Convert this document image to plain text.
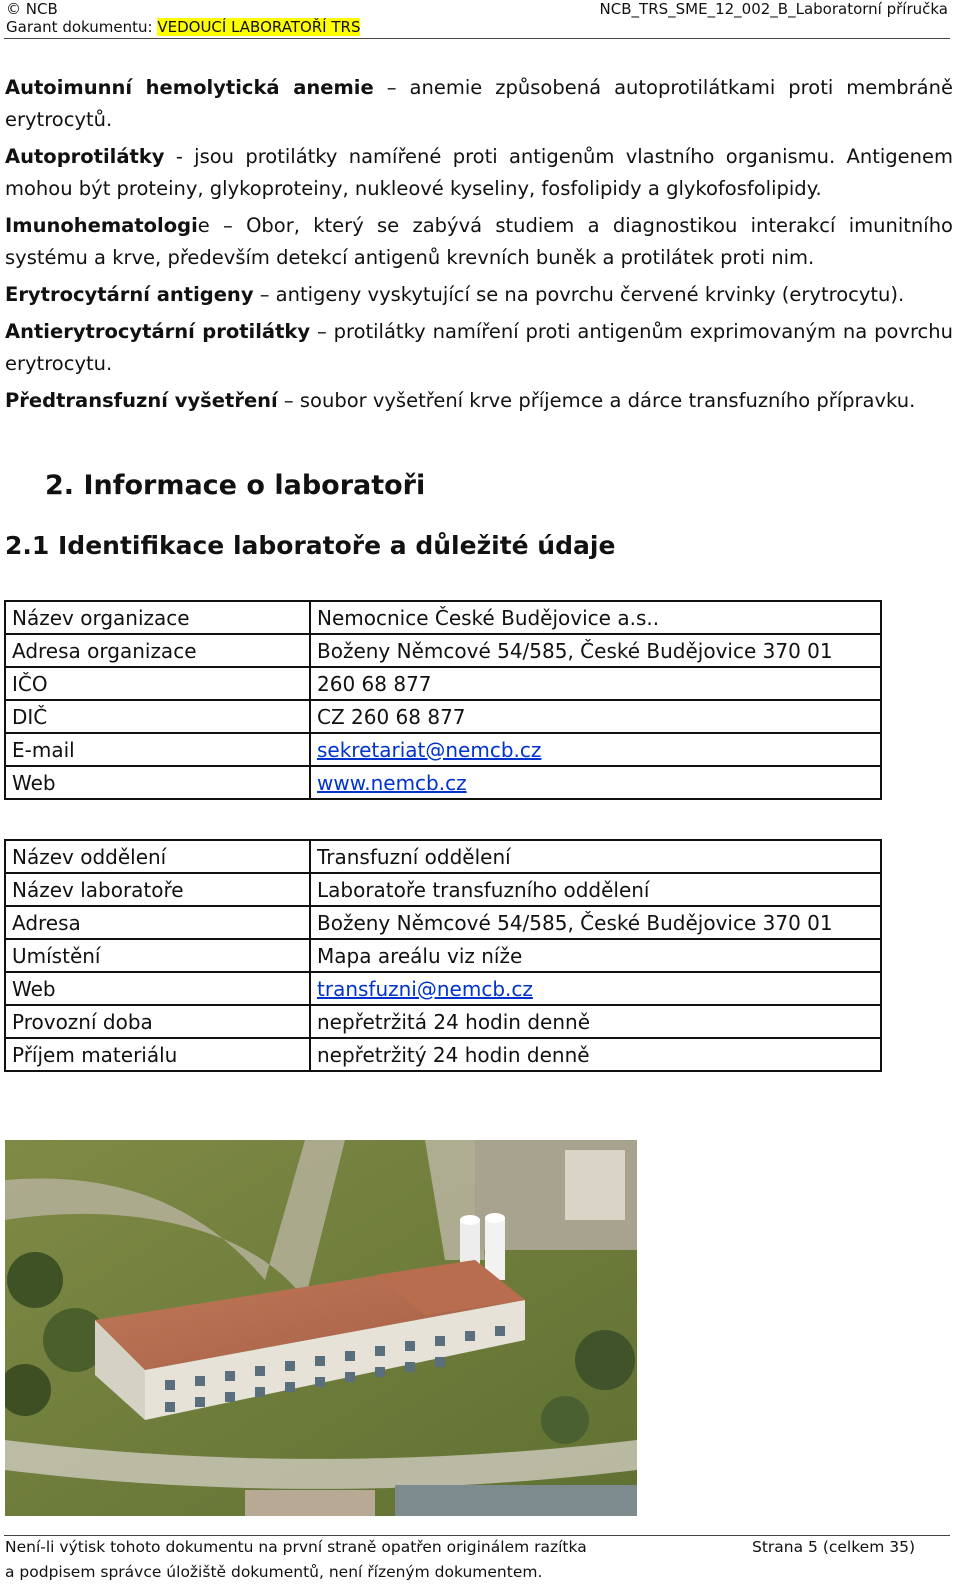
© NCB
Garant dokumentu: VEDOUCÍ LABORATOŘÍ TRS
NCB_TRS_SME_12_002_B_Laboratorní příručka

Autoimunní hemolytická anemie – anemie způsobená autoprotilátkami proti membráně erytrocytů.

Autoprotilátky - jsou protilátky namířené proti antigenům vlastního organismu. Antigenem mohou být proteiny, glykoproteiny, nukleové kyseliny, fosfolipidy a glykofosfolipidy.

Imunohematologie – Obor, který se zabývá studiem a diagnostikou interakcí imunitního systému a krve, především detekcí antigenů krevních buněk a protilátek proti nim.

Erytrocytární antigeny – antigeny vyskytující se na povrchu červené krvinky (erytrocytu).

Antierytrocytární protilátky – protilátky namíření proti antigenům exprimovaným na povrchu erytrocytu.

Předtransfuzní vyšetření – soubor vyšetření krve příjemce a dárce transfuzního přípravku.

2. Informace o laboratoři
2.1 Identifikace laboratoře a důležité údaje
Název organizace	Nemocnice České Budějovice a.s..
Adresa organizace	Boženy Němcové 54/585, České Budějovice 370 01
IČO	260 68 877
DIČ	CZ 260 68 877
E-mail	sekretariat@nemcb.cz
Web	www.nemcb.cz
Název oddělení	Transfuzní oddělení
Název laboratoře	Laboratoře transfuzního oddělení
Adresa	Boženy Němcové 54/585, České Budějovice 370 01
Umístění	Mapa areálu viz níže
Web	transfuzni@nemcb.cz
Provozní doba	nepřetržitá 24 hodin denně
Příjem materiálu	nepřetržitý 24 hodin denně
Není-li výtisk tohoto dokumentu na první straně opatřen originálem razítka
a podpisem správce úložiště dokumentů, není řízeným dokumentem.
Strana 5 (celkem 35)
